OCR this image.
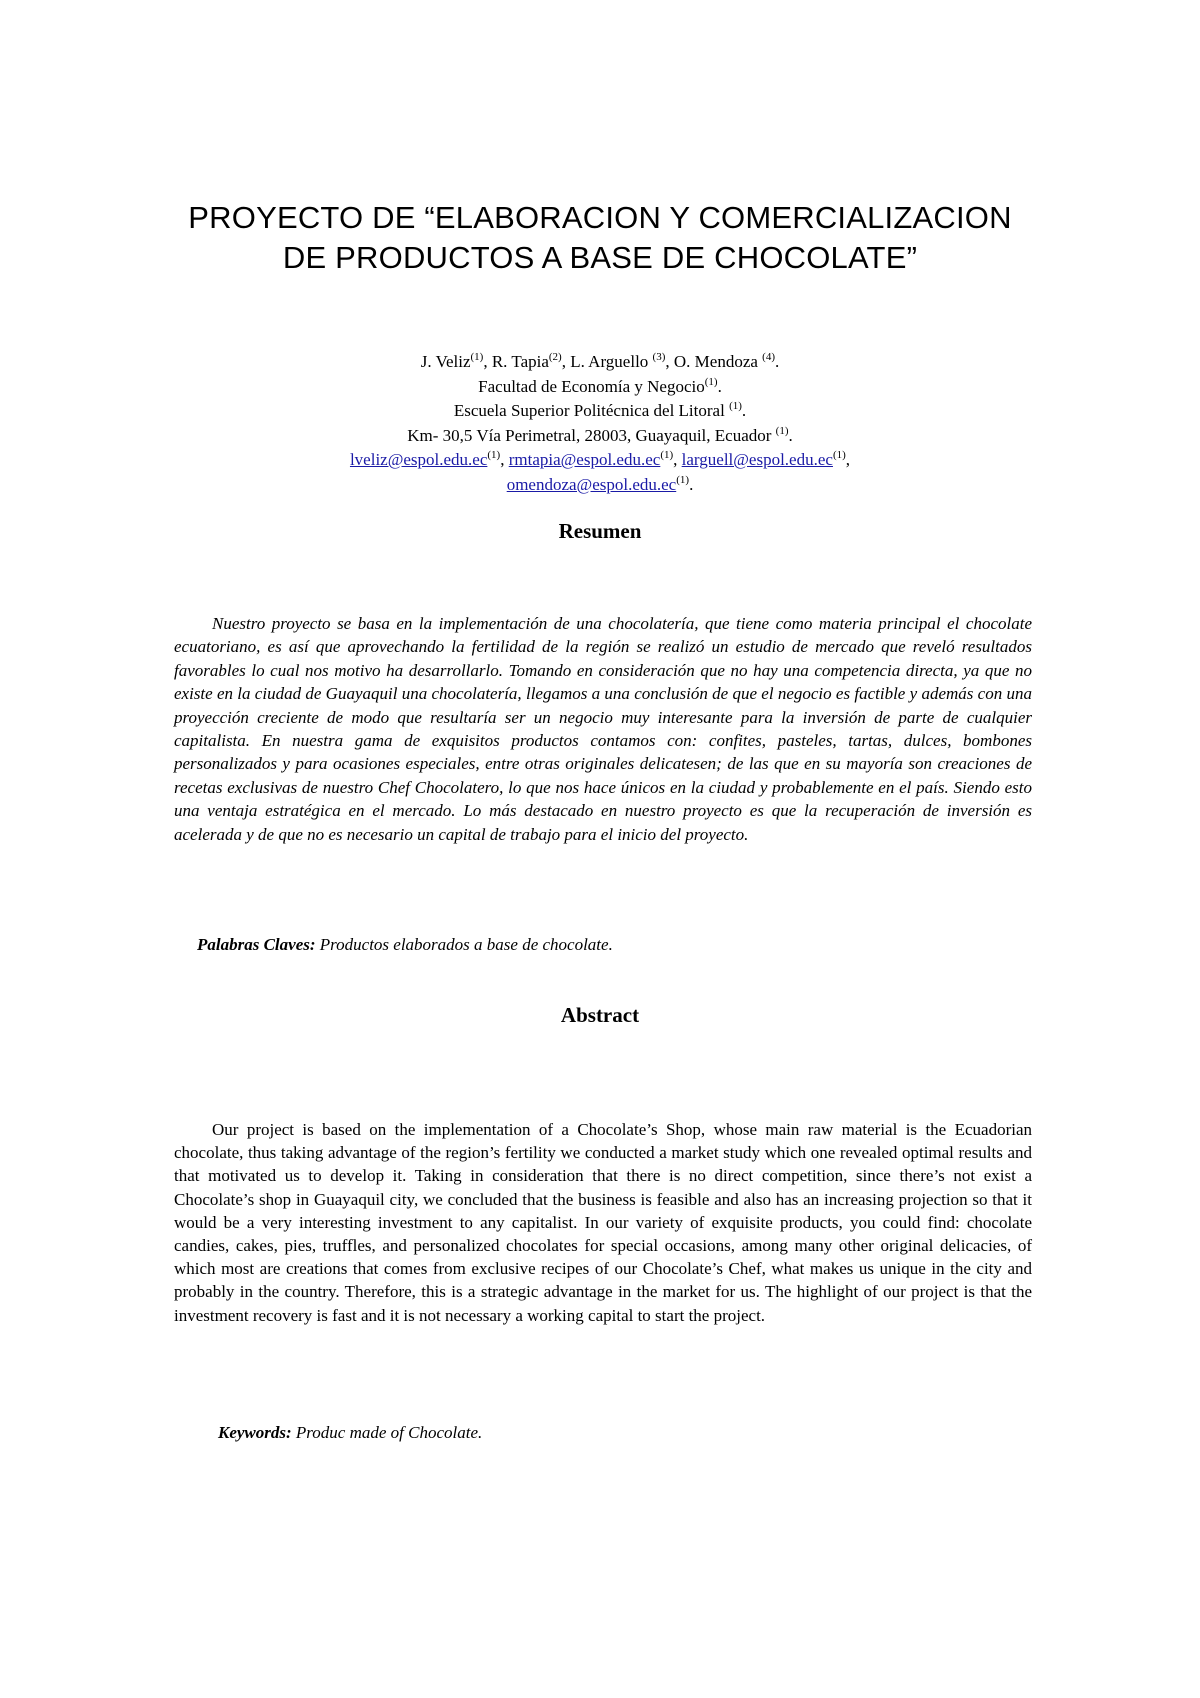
PROYECTO DE “ELABORACION Y COMERCIALIZACION
DE PRODUCTOS A BASE DE CHOCOLATE”
J. Veliz$^{(1)}$, R. Tapia$^{(2)}$, L. Arguello $^{(3)}$, O. Mendoza $^{(4)}$.
Facultad de Economía y Negocio$^{(1)}$.
Escuela Superior Politécnica del Litoral $^{(1)}$.
Km- 30,5 Vía Perimetral, 28003, Guayaquil, Ecuador $^{(1)}$.
$lveliz@espol.edu.ec^{(1)}$, $rmtapia@espol.edu.ec^{(1)}$, $larguell@espol.edu.ec^{(1)}$,
$omendoza@espol.edu.ec^{(1)}$.
Resumen

Nuestro proyecto se basa en la implementación de una chocolatería, que tiene como materia principal el chocolate ecuatoriano, es así que aprovechando la fertilidad de la región se realizó un estudio de mercado que reveló resultados favorables lo cual nos motivo ha desarrollarlo. Tomando en consideración que no hay una competencia directa, ya que no existe en la ciudad de Guayaquil una chocolatería, llegamos a una conclusión de que el negocio es factible y además con una proyección creciente de modo que resultaría ser un negocio muy interesante para la inversión de parte de cualquier capitalista. En nuestra gama de exquisitos productos contamos con: confites, pasteles, tartas, dulces, bombones personalizados y para ocasiones especiales, entre otras originales delicatesen; de las que en su mayoría son creaciones de recetas exclusivas de nuestro Chef Chocolatero, lo que nos hace únicos en la ciudad y probablemente en el país. Siendo esto una ventaja estratégica en el mercado. Lo más destacado en nuestro proyecto es que la recuperación de inversión es acelerada y de que no es necesario un capital de trabajo para el inicio del proyecto.

Palabras Claves: Productos elaborados a base de chocolate.

Abstract

Our project is based on the implementation of a Chocolate’s Shop, whose main raw material is the Ecuadorian chocolate, thus taking advantage of the region’s fertility we conducted a market study which one revealed optimal results and that motivated us to develop it. Taking in consideration that there is no direct competition, since there’s not exist a Chocolate’s shop in Guayaquil city, we concluded that the business is feasible and also has an increasing projection so that it would be a very interesting investment to any capitalist. In our variety of exquisite products, you could find: chocolate candies, cakes, pies, truffles, and personalized chocolates for special occasions, among many other original delicacies, of which most are creations that comes from exclusive recipes of our Chocolate’s Chef, what makes us unique in the city and probably in the country. Therefore, this is a strategic advantage in the market for us. The highlight of our project is that the investment recovery is fast and it is not necessary a working capital to start the project.

Keywords: Produc made of Chocolate.
